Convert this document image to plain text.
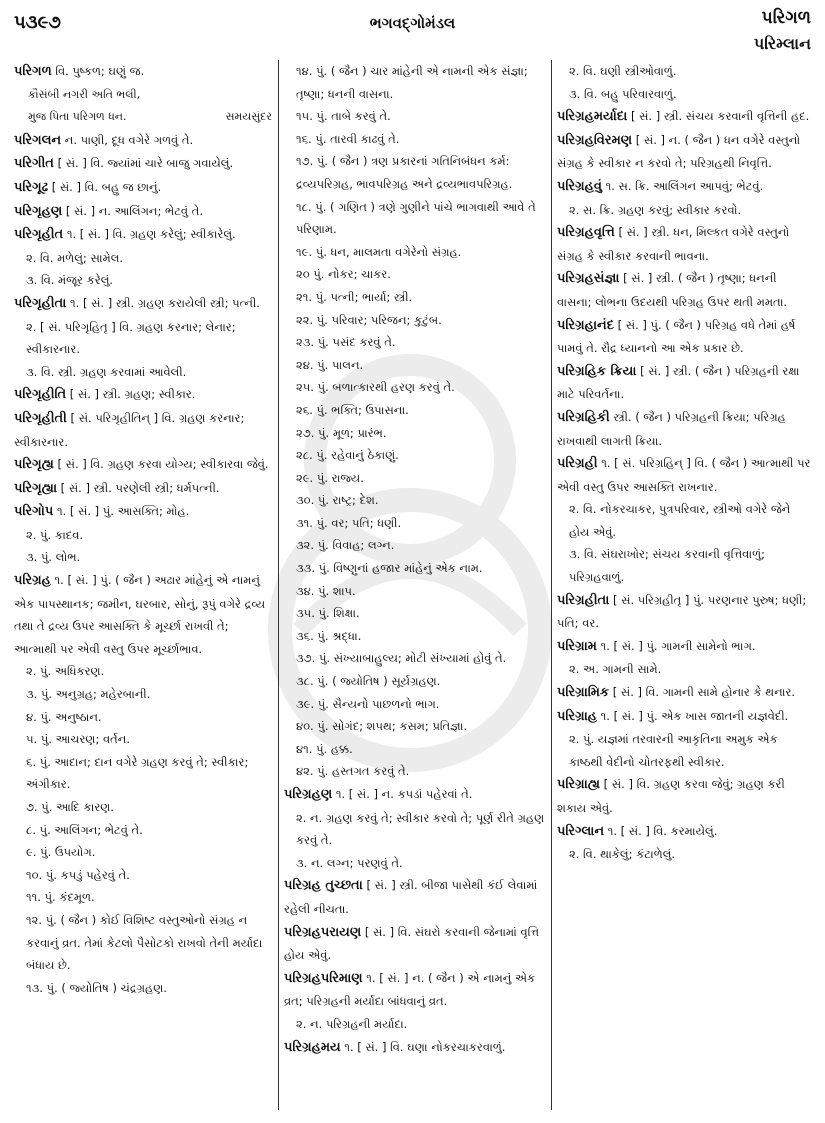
પ૩૯૭	ભગવદ્ગોમંડલ	પરિગળ
પરિમ્લાન
પરિગળ વિ. પુષ્કળ; ઘણું જ.
કૌસંબી નગરી અતિ ભલી,
મુજ પિતા પરિગળ ધન.	સમયસુંદર
પરિગલન ન. પાણી, દૂધ વગેરે ગળવું તે.
પરિગીત [ સં. ] વિ. જ્યાંમાં ચારે બાજુ ગવાયેલું.
પરિગૂઢ [ સં. ] વિ. બહુ જ છાનું.
પરિગૃહણ [ સં. ] ન. આલિંગન; ભેટવું તે.
પરિગૃહીત ૧. [ સં. ] વિ. ગ્રહણ કરેલું; સ્વીકારેલું.
૨. વિ. મળેલું; સામેલ.
૩. વિ. મંજૂર કરેલું.
પરિગૃહીતા ૧. [ સં. ] સ્ત્રી. ગ્રહણ કરાયેલી સ્ત્રી; પત્ની.
૨. [ સં. પરિગૃહિતૃ ] વિ. ગ્રહણ કરનાર; લેનાર; સ્વીકારનાર.
૩. વિ. સ્ત્રી. ગ્રહણ કરવામાં આવેલી.
પરિગૃહીતિ [ સં. ] સ્ત્રી. ગ્રહણ; સ્વીકાર.
પરિગૃહીતી [ સં. પરિગૃહીતિન્ ] વિ. ગ્રહણ કરનાર; સ્વીકારનાર.
પરિગૃહ્ય [ સં. ] વિ. ગ્રહણ કરવા યોગ્ય; સ્વીકારવા જેવું.
પરિગૃહ્યા [ સં. ] સ્ત્રી. પરણેલી સ્ત્રી; ધર્મપત્ની.
પરિગોપ ૧. [ સં. ] પું. આસક્તિ; મોહ.
૨. પું. કાદવ.
૩. પું. લોભ.
પરિગ્રહ ૧. [ સં. ] પું. ( જૈન ) અઢાર માંહેનું એ નામનું એક પાપસ્થાનક; જમીન, ઘરબાર, સોનું, રૂપું વગેરે દ્રવ્ય તથા તે દ્રવ્ય ઉપર આસક્તિ કે મૂર્ચ્છા રાખવી તે; આત્માથી પર એવી વસ્તુ ઉપર મૂર્ચ્છાભાવ.
૨. પું. અધિકરણ.
૩. પું. અનુગ્રહ; મહેરબાની.
૪. પું. અનુષ્ઠાન.
૫. પું. આચરણ; વર્તન.
૬. પું. આદાન; દાન વગેરે ગ્રહણ કરવું તે; સ્વીકાર; અંગીકાર.
૭. પું. આદિ કારણ.
૮. પું. આલિંગન; ભેટવું તે.
૯. પું. ઉપયોગ.
૧૦. પું. કપડું પહેરવું તે.
૧૧. પું. કંદમૂળ.
૧૨. પું. ( જૈન ) કોઈ વિશિષ્ટ વસ્તુઓનો સંગ્રહ ન કરવાનું વ્રત. તેમાં કેટલો પૈસોટકો રાખવો તેની મર્યાદા બંધાય છે.
૧૩. પું. ( જ્યોતિષ ) ચંદ્રગ્રહણ.
૧૪. પું. ( જૈન ) ચાર માંહેની એ નામની એક સંજ્ઞા; તૃષ્ણા; ધનની વાસના.
૧૫. પું. તાબે કરવું તે.
૧૬. પું. તારવી કાઢવું તે.
૧૭. પું. ( જૈન ) ત્રણ પ્રકારનાં ગતિનિબંધન કર્મ: દ્રવ્યપરિગ્રહ, ભાવપરિગ્રહ અને દ્રવ્યભાવપરિગ્રહ.
૧૮. પું. ( ગણિત ) ત્રણે ગુણીને પાંચે ભાગવાથી આવે તે પરિણામ.
૧૯. પું. ધન, માલમતા વગેરેનો સંગ્રહ.
૨૦ પું. નોકર; ચાકર.
૨૧. પું. પત્ની; ભાર્યા; સ્ત્રી.
૨૨. પું. પરિવાર; પરિજન; કુટુંબ.
૨૩. પું. પસંદ કરવું તે.
૨૪. પું. પાલન.
૨૫. પું. બળાત્કારથી હરણ કરવું તે.
૨૬. પું. ભક્તિ; ઉપાસના.
૨૭. પું. મૂળ; પ્રારંભ.
૨૮. પું. રહેવાનું ઠેકાણું.
૨૯. પું. રાજ્ય.
૩૦. પું. રાષ્ટ્ર; દેશ.
૩૧. પું. વર; પતિ; ધણી.
૩૨. પું. વિવાહ; લગ્ન.
૩૩. પું. વિષ્ણુનાં હજાર માંહેનું એક નામ.
૩૪. પું. શાપ.
૩૫. પું. શિક્ષા.
૩૬. પું. શ્રદ્ધા.
૩૭. પું. સંખ્યાબાહુલ્ય; મોટી સંખ્યામાં હોવું તે.
૩૮. પું. ( જ્યોતિષ ) સૂર્યગ્રહણ.
૩૯. પું. સૈન્યનો પાછળનો ભાગ.
૪૦. પું. સોગંદ; શપથ; કસમ; પ્રતિજ્ઞા.
૪૧. પું. હક્ક.
૪૨. પું. હસ્તગત કરવું તે.
પરિગ્રહણ ૧. [ સં. ] ન. કપડાં પહેરવાં તે.
૨. ન. ગ્રહણ કરવું તે; સ્વીકાર કરવો તે; પૂર્ણ રીતે ગ્રહણ કરવું તે.
૩. ન. લગ્ન; પરણવું તે.
પરિગ્રહ તુચ્છતા [ સં. ] સ્ત્રી. બીજા પાસેથી કંઈ લેવામાં રહેલી નીચતા.
પરિગ્રહપરાયણ [ સં. ] વિ. સંઘરો કરવાની જેનામાં વૃત્તિ હોય એવું.
પરિગ્રહપરિમાણ ૧. [ સં. ] ન. ( જૈન ) એ નામનું એક વ્રત; પરિગ્રહની મર્યાદા બાંધવાનું વ્રત.
૨. ન. પરિગ્રહની મર્યાદા.
પરિગ્રહમય ૧. [ સં. ] વિ. ઘણા નોકરચાકરવાળું.
૨. વિ. ઘણી સ્ત્રીઓવાળું.
૩. વિ. બહુ પરિવારવાળું.
પરિગ્રહમર્યાદા [ સં. ] સ્ત્રી. સંચય કરવાની વૃત્તિની હદ.
પરિગ્રહવિરમણ [ સં. ] ન. ( જૈન ) ધન વગેરે વસ્તુનો સંગ્રહ કે સ્વીકાર ન કરવો તે; પરિગ્રહથી નિવૃત્તિ.
પરિગ્રહવું ૧. સ. ક્રિ. આલિંગન આપવું; ભેટવું.
૨. સ. ક્રિ. ગ્રહણ કરવું; સ્વીકાર કરવો.
પરિગ્રહવૃત્તિ [ સં. ] સ્ત્રી. ધન, મિલ્કત વગેરે વસ્તુનો સંગ્રહ કે સ્વીકાર કરવાની ભાવના.
પરિગ્રહસંજ્ઞા [ સં. ] સ્ત્રી. ( જૈન ) તૃષ્ણા; ધનની વાસના; લોભના ઉદયથી પરિગ્રહ ઉપર થતી મમતા.
પરિગ્રહાનંદ [ સં. ] પું. ( જૈન ) પરિગ્રહ વધે તેમાં હર્ષ પામવું તે. રૌદ્ર ધ્યાનનો આ એક પ્રકાર છે.
પરિગ્રહિક ક્રિયા [ સં. ] સ્ત્રી. ( જૈન ) પરિગ્રહની રક્ષા માટે પરિવર્તના.
પરિગ્રહિકી સ્ત્રી. ( જૈન ) પરિગ્રહની ક્રિયા; પરિગ્રહ રાખવાથી લાગતી ક્રિયા.
પરિગ્રહી ૧. [ સં. પરિગ્રહિન્ ] વિ. ( જૈન ) આત્માથી પર એવી વસ્તુ ઉપર આસક્તિ રાખનાર.
૨. વિ. નોકરચાકર, પુત્રપરિવાર, સ્ત્રીઓ વગેરે જેને હોય એવું.
૩. વિ. સંઘરાખોર; સંચય કરવાની વૃત્તિવાળું; પરિગ્રહવાળું.
પરિગ્રહીતા [ સં. પરિગ્રહીતૃ ] પું. પરણનાર પુરુષ; ધણી; પતિ; વર.
પરિગ્રામ ૧. [ સં. ] પું. ગામની સામેનો ભાગ.
૨. અ. ગામની સામે.
પરિગ્રામિક [ સં. ] વિ. ગામની સામે હોનાર કે થનાર.
પરિગ્રાહ ૧. [ સં. ] પું. એક ખાસ જાતની યજ્ઞવેદી.
૨. પું. યજ્ઞમાં તરવારની આકૃતિના અમુક એક કાષ્ઠથી વેદીનો ચોતરફથી સ્વીકાર.
પરિગ્રાહ્ય [ સં. ] વિ. ગ્રહણ કરવા જેવું; ગ્રહણ કરી શકાય એવું.
પરિગ્લાન ૧. [ સં. ] વિ. કરમાયેલું.
૨. વિ. થાકેલું; કંટાળેલું.
